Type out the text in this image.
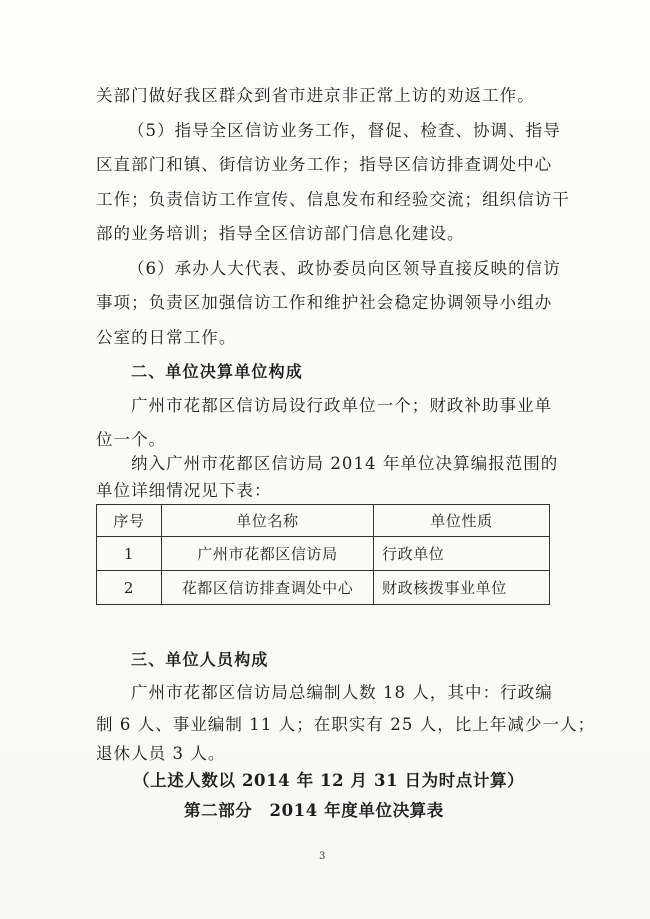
关部门做好我区群众到省市进京非正常上访的劝返工作。
（5）指导全区信访业务工作，督促、检查、协调、指导
区直部门和镇、街信访业务工作；指导区信访排查调处中心
工作；负责信访工作宣传、信息发布和经验交流；组织信访干
部的业务培训；指导全区信访部门信息化建设。
（6）承办人大代表、政协委员向区领导直接反映的信访
事项；负责区加强信访工作和维护社会稳定协调领导小组办
公室的日常工作。
二、单位决算单位构成
广州市花都区信访局设行政单位一个；财政补助事业单
位一个。
纳入广州市花都区信访局 2014 年单位决算编报范围的
单位详细情况见下表：
序号	单位名称	单位性质
1	广州市花都区信访局	行政单位
2	花都区信访排查调处中心	财政核拨事业单位
三、单位人员构成
广州市花都区信访局总编制人数 18 人，其中：行政编
制 6 人、事业编制 11 人；在职实有 25 人，比上年减少一人；
退休人员 3 人。
（上述人数以 2014 年 12 月 31 日为时点计算）
第二部分　2014 年度单位决算表
3
